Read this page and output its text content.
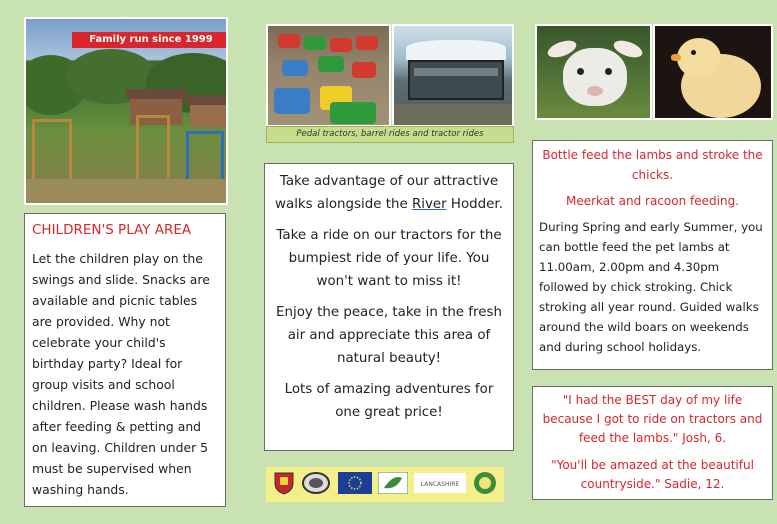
Family run since 1999
Pedal tractors, barrel rides and tractor rides
CHILDREN'S PLAY AREA

Let the children play on the swings and slide. Snacks are available and picnic tables are provided. Why not celebrate your child's birthday party? Ideal for group visits and school children. Please wash hands after feeding & petting and on leaving. Children under 5 must be supervised when washing hands.

Take advantage of our attractive walks alongside the River Hodder.

Take a ride on our tractors for the bumpiest ride of your life. You won't want to miss it!

Enjoy the peace, take in the fresh air and appreciate this area of natural beauty!

Lots of amazing adventures for one great price!

Bottle feed the lambs and stroke the chicks.
Meerkat and racoon feeding.
During Spring and early Summer, you can bottle feed the pet lambs at 11.00am, 2.00pm and 4.30pm followed by chick stroking. Chick stroking all year round. Guided walks around the wild boars on weekends and during school holidays.

"I had the BEST day of my life because I got to ride on tractors and feed the lambs." Josh, 6.

"You'll be amazed at the beautiful countryside." Sadie, 12.

LANCASHIRE
